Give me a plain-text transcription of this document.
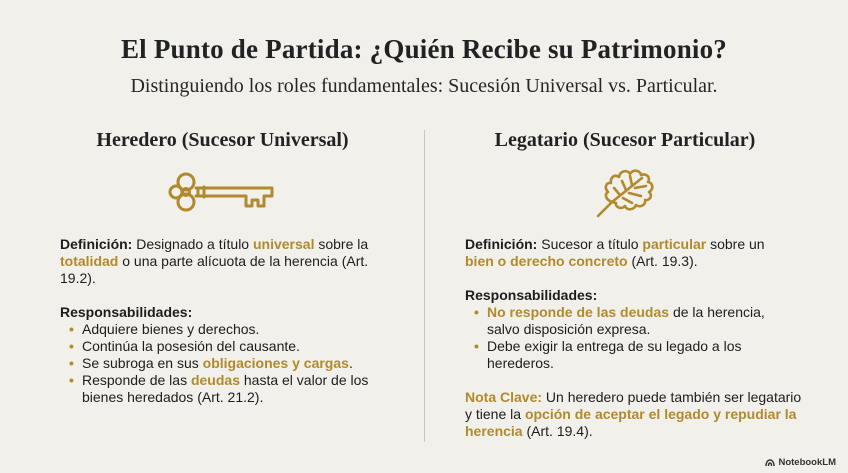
El Punto de Partida: ¿Quién Recibe su Patrimonio?
Distinguiendo los roles fundamentales: Sucesión Universal vs. Particular.
Heredero (Sucesor Universal)
Definición: Designado a título universal sobre la
totalidad o una parte alícuota de la herencia (Art.
19.2).
Responsabilidades:
• Adquiere bienes y derechos.
• Continúa la posesión del causante.
• Se subroga en sus obligaciones y cargas.
• Responde de las deudas hasta el valor de los
bienes heredados (Art. 21.2).
Legatario (Sucesor Particular)
Definición: Sucesor a título particular sobre un
bien o derecho concreto (Art. 19.3).
Responsabilidades:
• No responde de las deudas de la herencia,
salvo disposición expresa.
• Debe exigir la entrega de su legado a los
herederos.
Nota Clave: Un heredero puede también ser legatario
y tiene la opción de aceptar el legado y repudiar la
herencia (Art. 19.4).
NotebookLM
